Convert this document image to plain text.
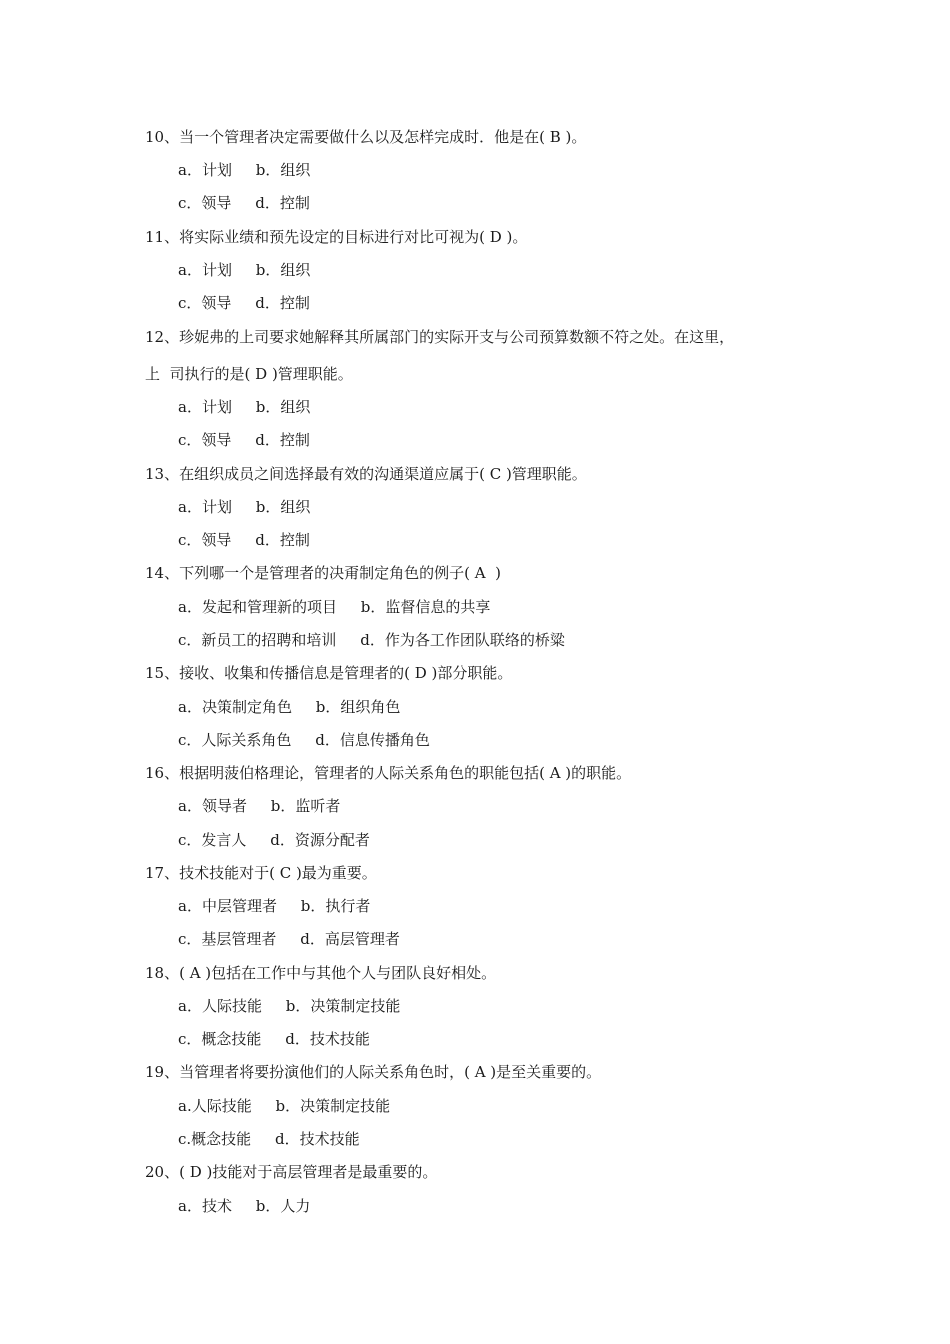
10、当一个管理者决定需要做什么以及怎样完成时．他是在( B )。
a．计划     b．组织
c．领导     d．控制
11、将实际业绩和预先设定的目标进行对比可视为( D )。
a．计划     b．组织
c．领导     d．控制
12、珍妮弗的上司要求她解释其所属部门的实际开支与公司预算数额不符之处。在这里，
上  司执行的是( D )管理职能。
a．计划     b．组织
c．领导     d．控制
13、在组织成员之间选择最有效的沟通渠道应属于( C )管理职能。
a．计划     b．组织
c．领导     d．控制
14、下列哪一个是管理者的决甭制定角色的例子( A  )
a．发起和管理新的项目     b．监督信息的共享
c．新员工的招聘和培训     d．作为各工作团队联络的桥粱
15、接收、收集和传播信息是管理者的( D )部分职能。
a．决策制定角色     b．组织角色
c．人际关系角色     d．信息传播角色
16、根据明菠伯格理论，管理者的人际关系角色的职能包括( A )的职能。
a．领导者     b．监听者
c．发言人     d．资源分配者
17、技术技能对于( C )最为重要。
a．中层管理者     b．执行者
c．基层管理者     d．高层管理者
18、( A )包括在工作中与其他个人与团队良好相处。
a．人际技能     b．决策制定技能
c．概念技能     d．技术技能
19、当管理者将要扮演他们的人际关系角色时，( A )是至关重要的。
a.人际技能     b．决策制定技能
c.概念技能     d．技术技能
20、( D )技能对于高层管理者是最重要的。
a．技术     b．人力
